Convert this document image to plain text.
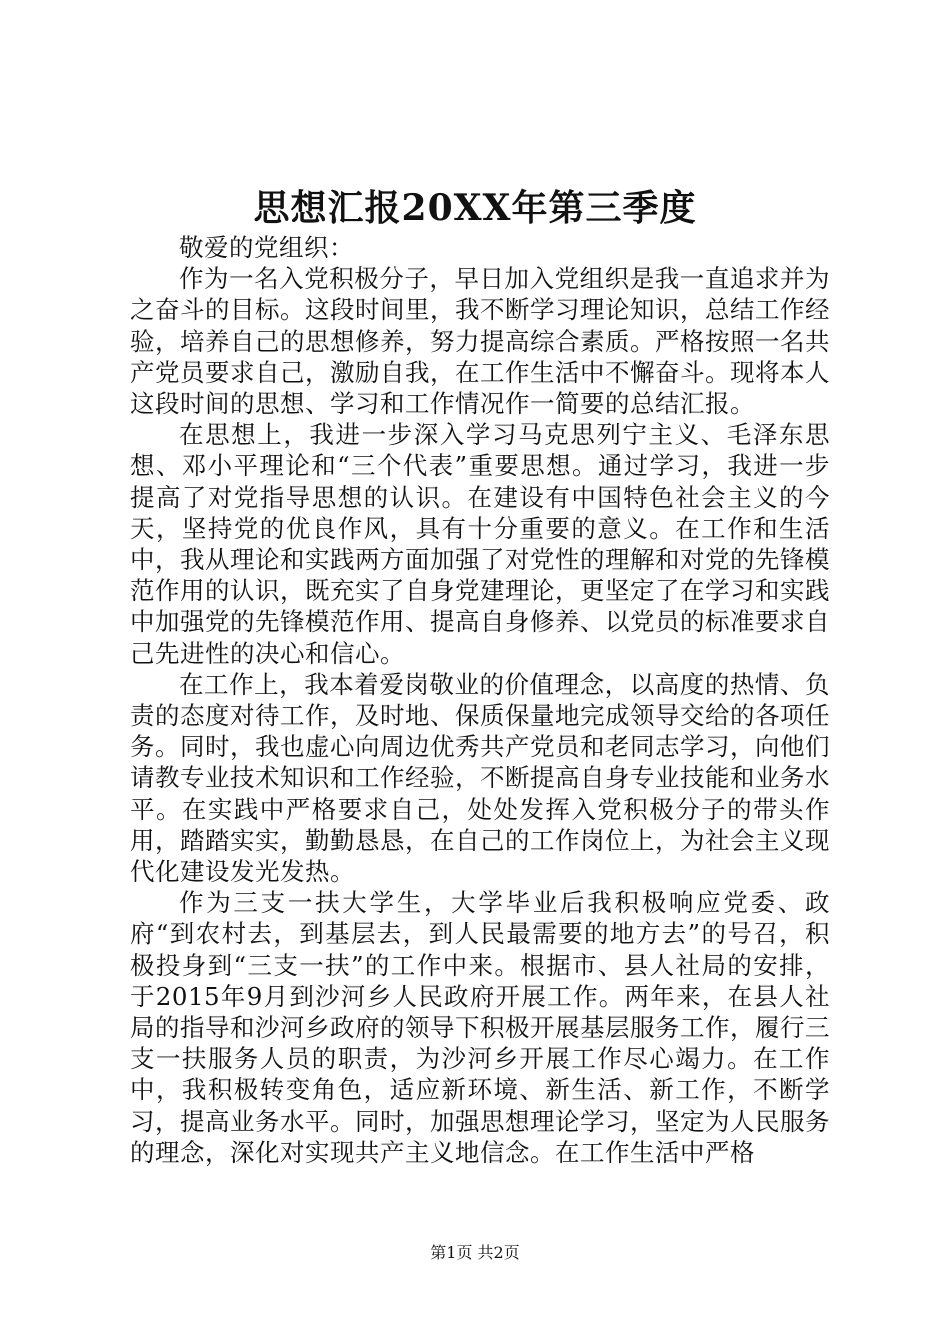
思想汇报20XX年第三季度

敬爱的党组织：

作为一名入党积极分子，早日加入党组织是我一直追求并为之奋斗的目标。这段时间里，我不断学习理论知识，总结工作经验，培养自己的思想修养，努力提高综合素质。严格按照一名共产党员要求自己，激励自我，在工作生活中不懈奋斗。现将本人这段时间的思想、学习和工作情况作一简要的总结汇报。

在思想上，我进一步深入学习马克思列宁主义、毛泽东思想、邓小平理论和“三个代表”重要思想。通过学习，我进一步提高了对党指导思想的认识。在建设有中国特色社会主义的今天，坚持党的优良作风，具有十分重要的意义。在工作和生活中，我从理论和实践两方面加强了对党性的理解和对党的先锋模范作用的认识，既充实了自身党建理论，更坚定了在学习和实践中加强党的先锋模范作用、提高自身修养、以党员的标准要求自己先进性的决心和信心。

在工作上，我本着爱岗敬业的价值理念，以高度的热情、负责的态度对待工作，及时地、保质保量地完成领导交给的各项任务。同时，我也虚心向周边优秀共产党员和老同志学习，向他们请教专业技术知识和工作经验，不断提高自身专业技能和业务水平。在实践中严格要求自己，处处发挥入党积极分子的带头作用，踏踏实实，勤勤恳恳，在自己的工作岗位上，为社会主义现代化建设发光发热。

作为三支一扶大学生，大学毕业后我积极响应党委、政府“到农村去，到基层去，到人民最需要的地方去”的号召，积极投身到“三支一扶”的工作中来。根据市、县人社局的安排，于2015年9月到沙河乡人民政府开展工作。两年来，在县人社局的指导和沙河乡政府的领导下积极开展基层服务工作，履行三支一扶服务人员的职责，为沙河乡开展工作尽心竭力。在工作中，我积极转变角色，适应新环境、新生活、新工作，不断学习，提高业务水平。同时，加强思想理论学习，坚定为人民服务的理念，深化对实现共产主义地信念。在工作生活中严格

第1页 共2页
